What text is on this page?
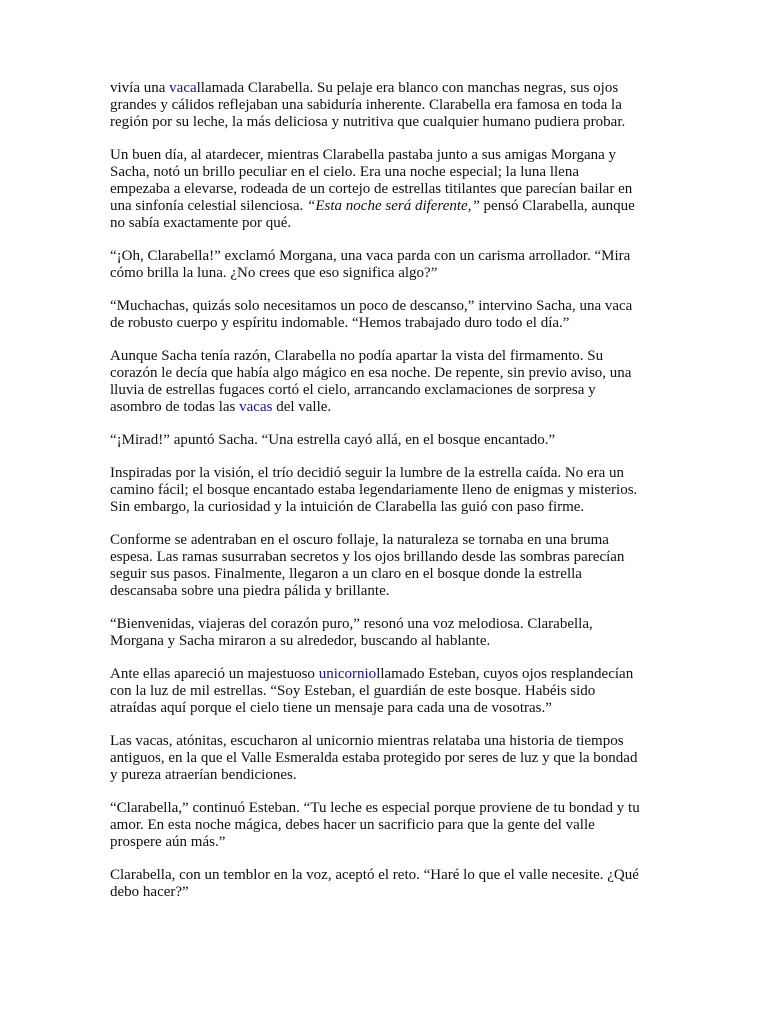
vivía una vacallamada Clarabella. Su pelaje era blanco con manchas negras, sus ojos
grandes y cálidos reflejaban una sabiduría inherente. Clarabella era famosa en toda la
región por su leche, la más deliciosa y nutritiva que cualquier humano pudiera probar.

Un buen día, al atardecer, mientras Clarabella pastaba junto a sus amigas Morgana y
Sacha, notó un brillo peculiar en el cielo. Era una noche especial; la luna llena
empezaba a elevarse, rodeada de un cortejo de estrellas titilantes que parecían bailar en
una sinfonía celestial silenciosa. “Esta noche será diferente,” pensó Clarabella, aunque
no sabía exactamente por qué.

“¡Oh, Clarabella!” exclamó Morgana, una vaca parda con un carisma arrollador. “Mira
cómo brilla la luna. ¿No crees que eso significa algo?”

“Muchachas, quizás solo necesitamos un poco de descanso,” intervino Sacha, una vaca
de robusto cuerpo y espíritu indomable. “Hemos trabajado duro todo el día.”

Aunque Sacha tenía razón, Clarabella no podía apartar la vista del firmamento. Su
corazón le decía que había algo mágico en esa noche. De repente, sin previo aviso, una
lluvia de estrellas fugaces cortó el cielo, arrancando exclamaciones de sorpresa y
asombro de todas las vacas del valle.

“¡Mirad!” apuntó Sacha. “Una estrella cayó allá, en el bosque encantado.”

Inspiradas por la visión, el trío decidió seguir la lumbre de la estrella caída. No era un
camino fácil; el bosque encantado estaba legendariamente lleno de enigmas y misterios.
Sin embargo, la curiosidad y la intuición de Clarabella las guió con paso firme.

Conforme se adentraban en el oscuro follaje, la naturaleza se tornaba en una bruma
espesa. Las ramas susurraban secretos y los ojos brillando desde las sombras parecían
seguir sus pasos. Finalmente, llegaron a un claro en el bosque donde la estrella
descansaba sobre una piedra pálida y brillante.

“Bienvenidas, viajeras del corazón puro,” resonó una voz melodiosa. Clarabella,
Morgana y Sacha miraron a su alrededor, buscando al hablante.

Ante ellas apareció un majestuoso unicorniollamado Esteban, cuyos ojos resplandecían
con la luz de mil estrellas. “Soy Esteban, el guardián de este bosque. Habéis sido
atraídas aquí porque el cielo tiene un mensaje para cada una de vosotras.”

Las vacas, atónitas, escucharon al unicornio mientras relataba una historia de tiempos
antiguos, en la que el Valle Esmeralda estaba protegido por seres de luz y que la bondad
y pureza atraerían bendiciones.

“Clarabella,” continuó Esteban. “Tu leche es especial porque proviene de tu bondad y tu
amor. En esta noche mágica, debes hacer un sacrificio para que la gente del valle
prospere aún más.”

Clarabella, con un temblor en la voz, aceptó el reto. “Haré lo que el valle necesite. ¿Qué
debo hacer?”
